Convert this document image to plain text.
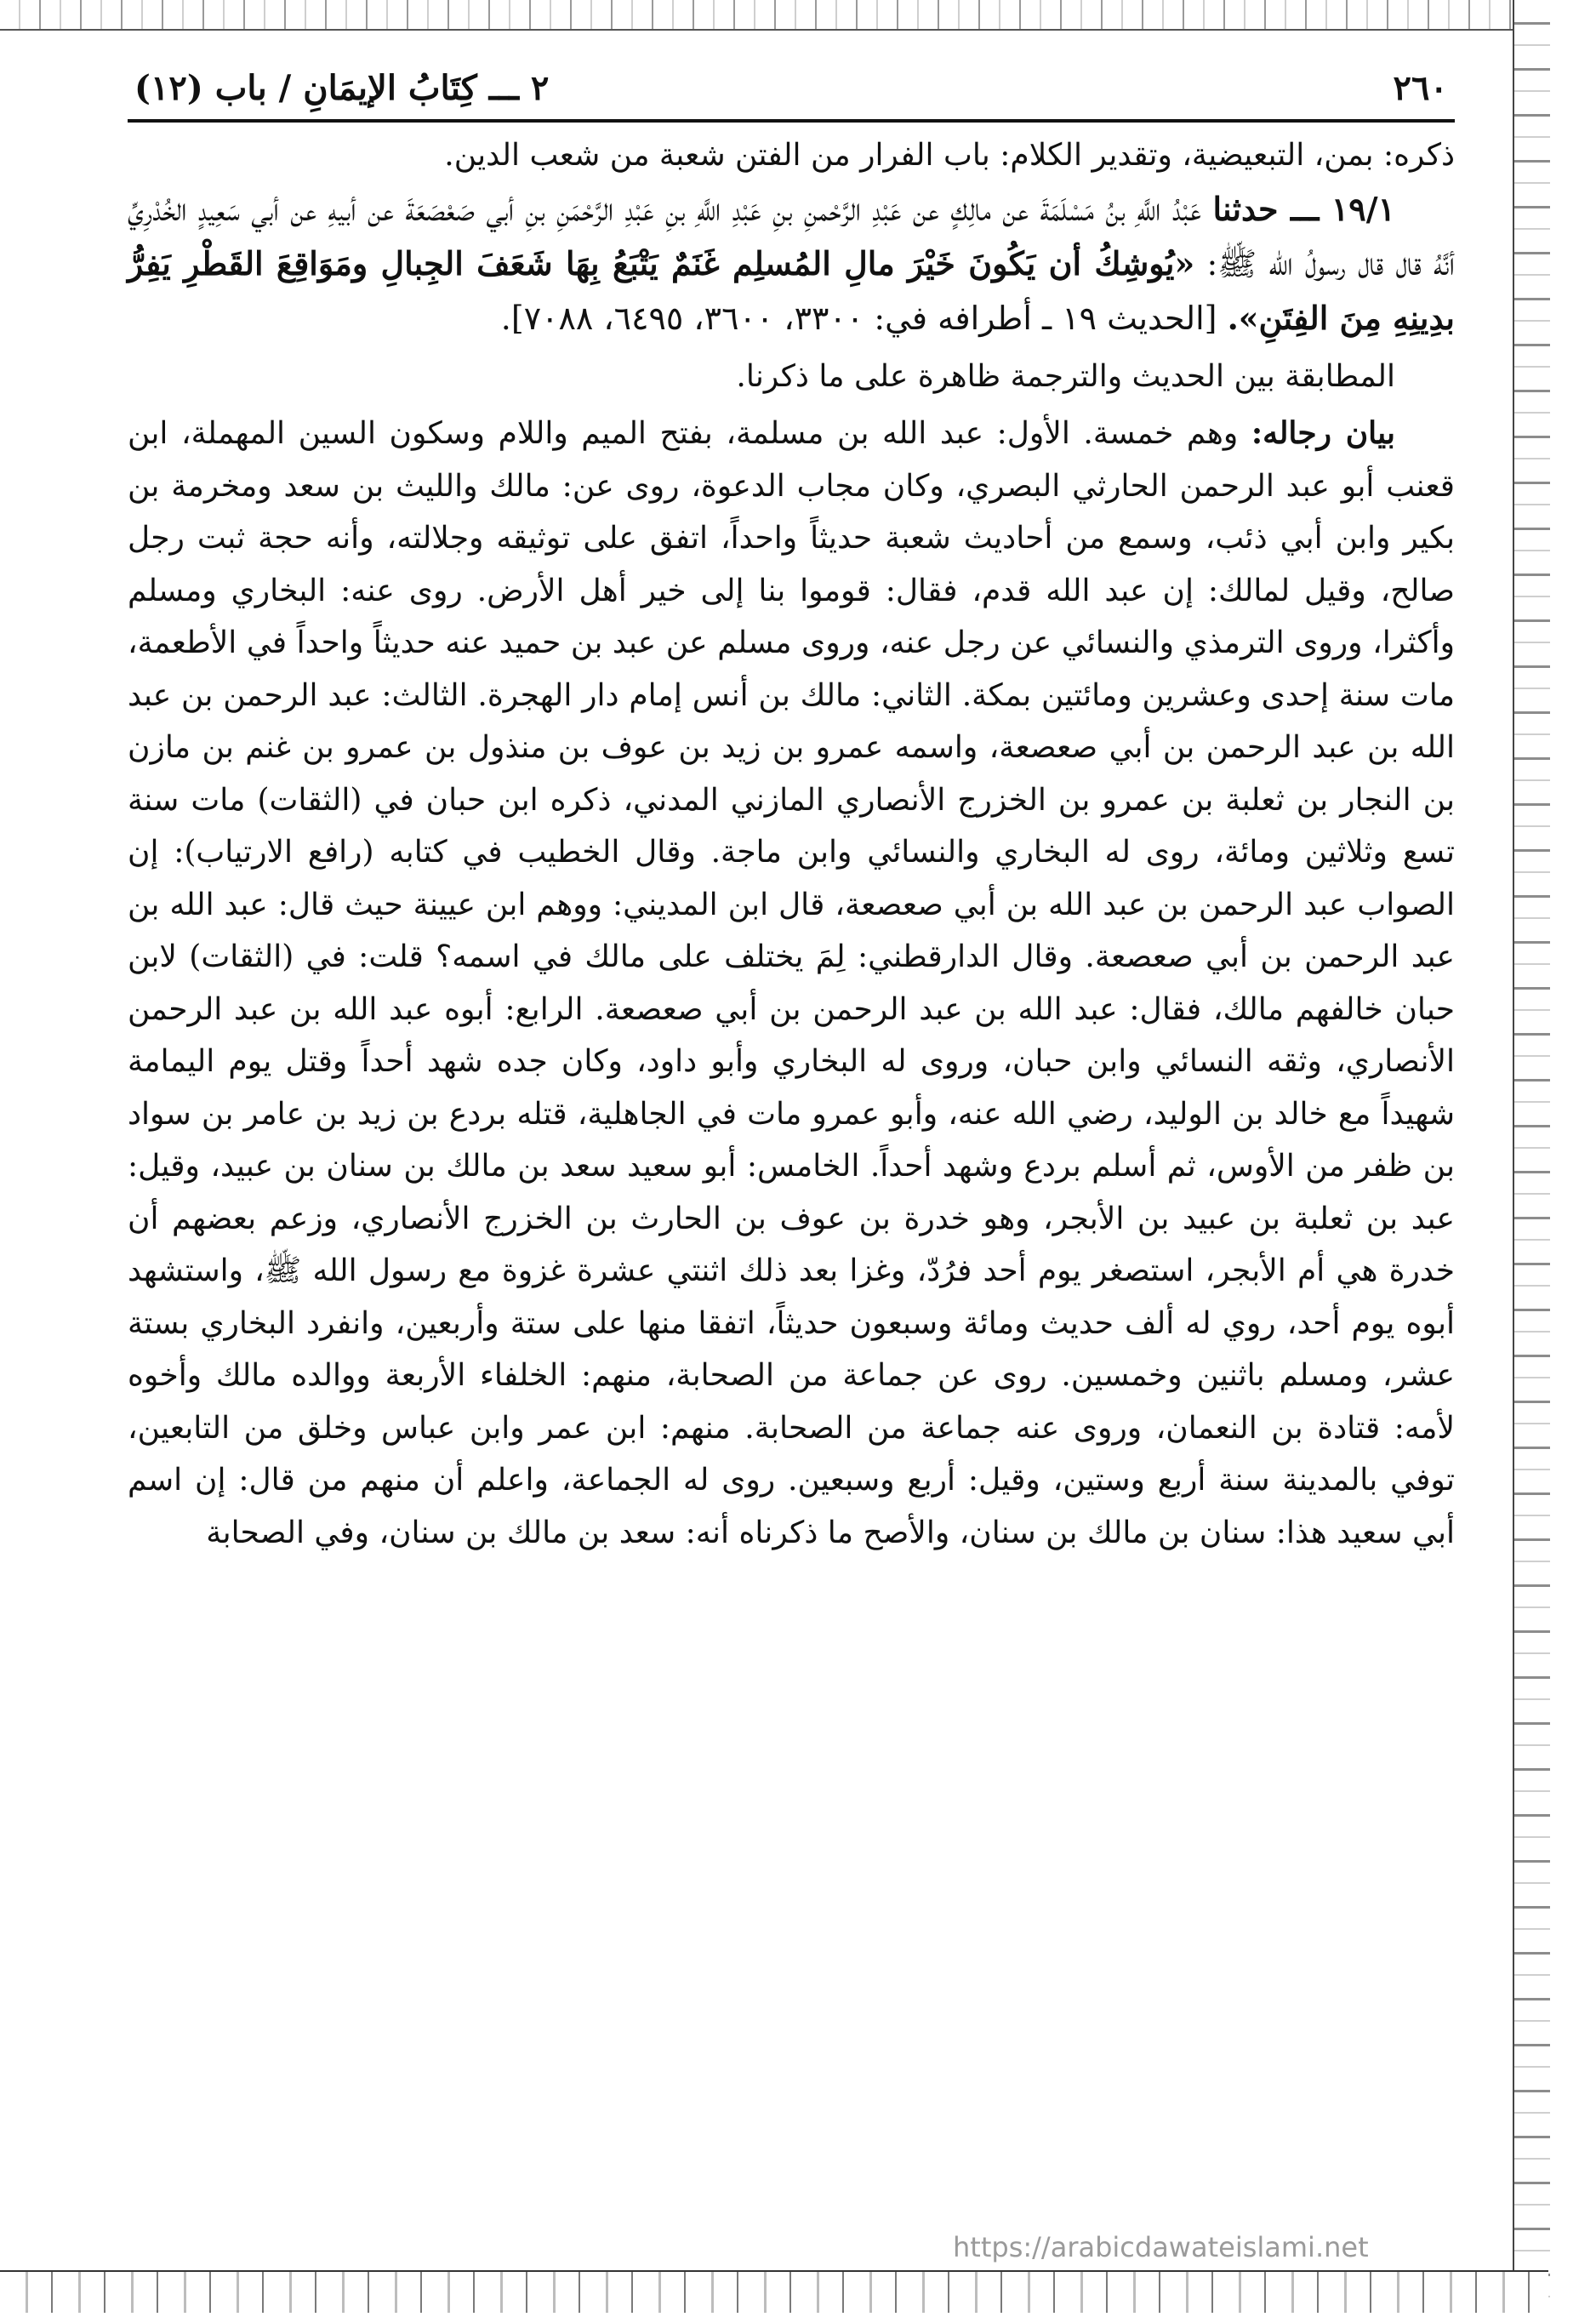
٢٦٠
٢ ـــ كِتَابُ الإيمَانِ / باب (١٢)

ذكره: بمن، التبعيضية، وتقدير الكلام: باب الفرار من الفتن شعبة من شعب الدين.

١٩/١ ـــ حدثنا عَبْدُ اللَّهِ بنُ مَسْلَمَةَ عن مالِكٍ عن عَبْدِ الرَّحْمنِ بنِ عَبْدِ اللَّهِ بنِ عَبْدِ الرَّحْمَنِ بنِ أبي صَعْصَعَةَ عن أبيهِ عن أبي سَعِيدٍ الخُدْرِيِّ أنَّهُ قال قال رسولُ الله ﷺ: «يُوشِكُ أن يَكُونَ خَيْرَ مالِ المُسلِم غَنَمٌ يَتْبَعُ بِهَا شَعَفَ الجِبالِ ومَوَاقِعَ القَطْرِ يَفِرُّ بدِينِهِ مِنَ الفِتَنِ». [الحديث ١٩ ـ أطرافه في: ٣٣٠٠، ٣٦٠٠، ٦٤٩٥، ٧٠٨٨].

المطابقة بين الحديث والترجمة ظاهرة على ما ذكرنا.

بيان رجاله: وهم خمسة. الأول: عبد الله بن مسلمة، بفتح الميم واللام وسكون السين المهملة، ابن قعنب أبو عبد الرحمن الحارثي البصري، وكان مجاب الدعوة، روى عن: مالك والليث بن سعد ومخرمة بن بكير وابن أبي ذئب، وسمع من أحاديث شعبة حديثاً واحداً، اتفق على توثيقه وجلالته، وأنه حجة ثبت رجل صالح، وقيل لمالك: إن عبد الله قدم، فقال: قوموا بنا إلى خير أهل الأرض. روى عنه: البخاري ومسلم وأكثرا، وروى الترمذي والنسائي عن رجل عنه، وروى مسلم عن عبد بن حميد عنه حديثاً واحداً في الأطعمة، مات سنة إحدى وعشرين ومائتين بمكة. الثاني: مالك بن أنس إمام دار الهجرة. الثالث: عبد الرحمن بن عبد الله بن عبد الرحمن بن أبي صعصعة، واسمه عمرو بن زيد بن عوف بن منذول بن عمرو بن غنم بن مازن بن النجار بن ثعلبة بن عمرو بن الخزرج الأنصاري المازني المدني، ذكره ابن حبان في (الثقات) مات سنة تسع وثلاثين ومائة، روى له البخاري والنسائي وابن ماجة. وقال الخطيب في كتابه (رافع الارتياب): إن الصواب عبد الرحمن بن عبد الله بن أبي صعصعة، قال ابن المديني: ووهم ابن عيينة حيث قال: عبد الله بن عبد الرحمن بن أبي صعصعة. وقال الدارقطني: لِمَ يختلف على مالك في اسمه؟ قلت: في (الثقات) لابن حبان خالفهم مالك، فقال: عبد الله بن عبد الرحمن بن أبي صعصعة. الرابع: أبوه عبد الله بن عبد الرحمن الأنصاري، وثقه النسائي وابن حبان، وروى له البخاري وأبو داود، وكان جده شهد أحداً وقتل يوم اليمامة شهيداً مع خالد بن الوليد، رضي الله عنه، وأبو عمرو مات في الجاهلية، قتله بردع بن زيد بن عامر بن سواد بن ظفر من الأوس، ثم أسلم بردع وشهد أحداً. الخامس: أبو سعيد سعد بن مالك بن سنان بن عبيد، وقيل: عبد بن ثعلبة بن عبيد بن الأبجر، وهو خدرة بن عوف بن الحارث بن الخزرج الأنصاري، وزعم بعضهم أن خدرة هي أم الأبجر، استصغر يوم أحد فرُدّ، وغزا بعد ذلك اثنتي عشرة غزوة مع رسول الله ﷺ، واستشهد أبوه يوم أحد، روي له ألف حديث ومائة وسبعون حديثاً، اتفقا منها على ستة وأربعين، وانفرد البخاري بستة عشر، ومسلم باثنين وخمسين. روى عن جماعة من الصحابة، منهم: الخلفاء الأربعة ووالده مالك وأخوه لأمه: قتادة بن النعمان، وروى عنه جماعة من الصحابة. منهم: ابن عمر وابن عباس وخلق من التابعين، توفي بالمدينة سنة أربع وستين، وقيل: أربع وسبعين. روى له الجماعة، واعلم أن منهم من قال: إن اسم أبي سعيد هذا: سنان بن مالك بن سنان، والأصح ما ذكرناه أنه: سعد بن مالك بن سنان، وفي الصحابة

https://arabicdawateislami.net
